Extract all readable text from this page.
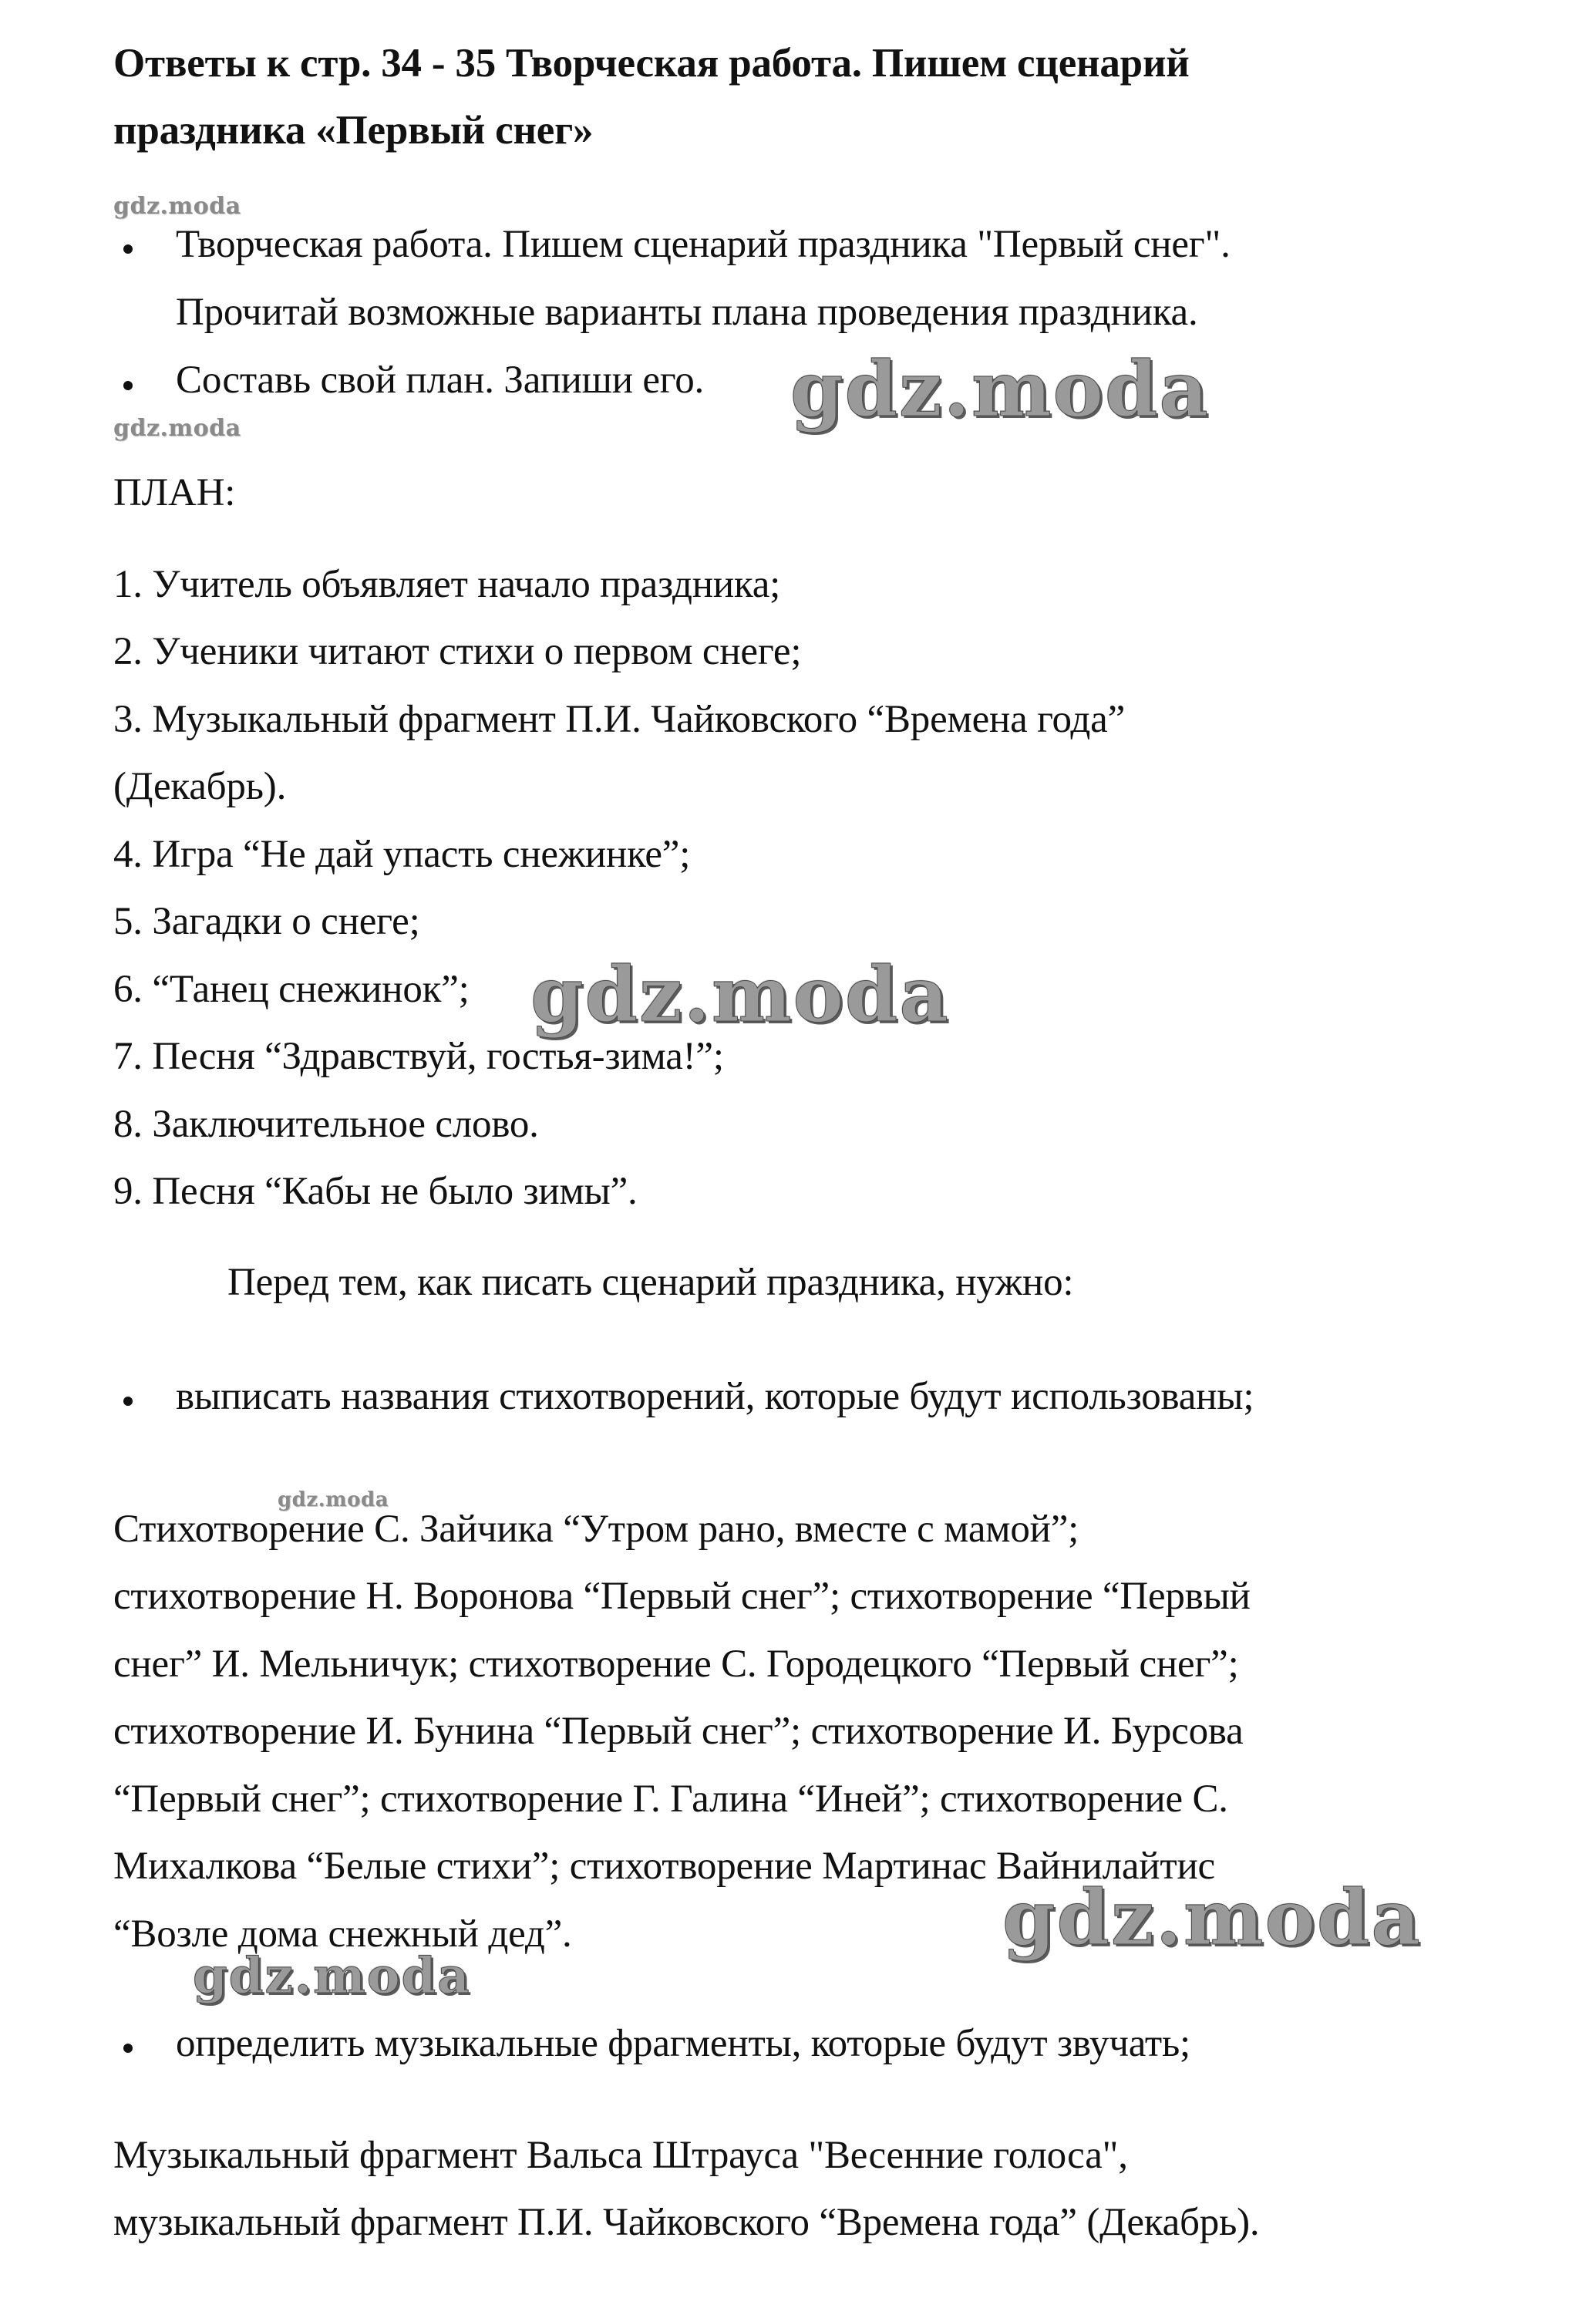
Ответы к стр. 34 - 35 Творческая работа. Пишем сценарий
праздника «Первый снег»
gdz.moda
gdz.moda
gdz.moda
Творческая работа. Пишем сценарий праздника "Первый снег".
Прочитай возможные варианты плана проведения праздника.
Составь свой план. Запиши его. gdz.moda
ПЛАН:
1. Учитель объявляет начало праздника;
2. Ученики читают стихи о первом снеге;
3. Музыкальный фрагмент П.И. Чайковского “Времена года”
(Декабрь).
4. Игра “Не дай упасть снежинке”;
5. Загадки о снеге;
6. “Танец снежинок”;
7. Песня “Здравствуй, гостья-зима!”;
8. Заключительное слово.
9. Песня “Кабы не было зимы”.
gdz.moda
Перед тем, как писать сценарий праздника, нужно:
выписать названия стихотворений, которые будут использованы;
Стихотворение С. Зайчика “Утром рано, вместе с мамой”;
стихотворение Н. Воронова “Первый снег”; стихотворение “Первый
снег” И. Мельничук; стихотворение С. Городецкого “Первый снег”;
стихотворение И. Бунина “Первый снег”; стихотворение И. Бурсова
“Первый снег”; стихотворение Г. Галина “Иней”; стихотворение С.
Михалкова “Белые стихи”; стихотворение Мартинас Вайнилайтис
“Возле дома снежный дед”.	gdz.moda
gdz.moda
определить музыкальные фрагменты, которые будут звучать;
Музыкальный фрагмент Вальса Штрауса "Весенние голоса",
музыкальный фрагмент П.И. Чайковского “Времена года” (Декабрь).
